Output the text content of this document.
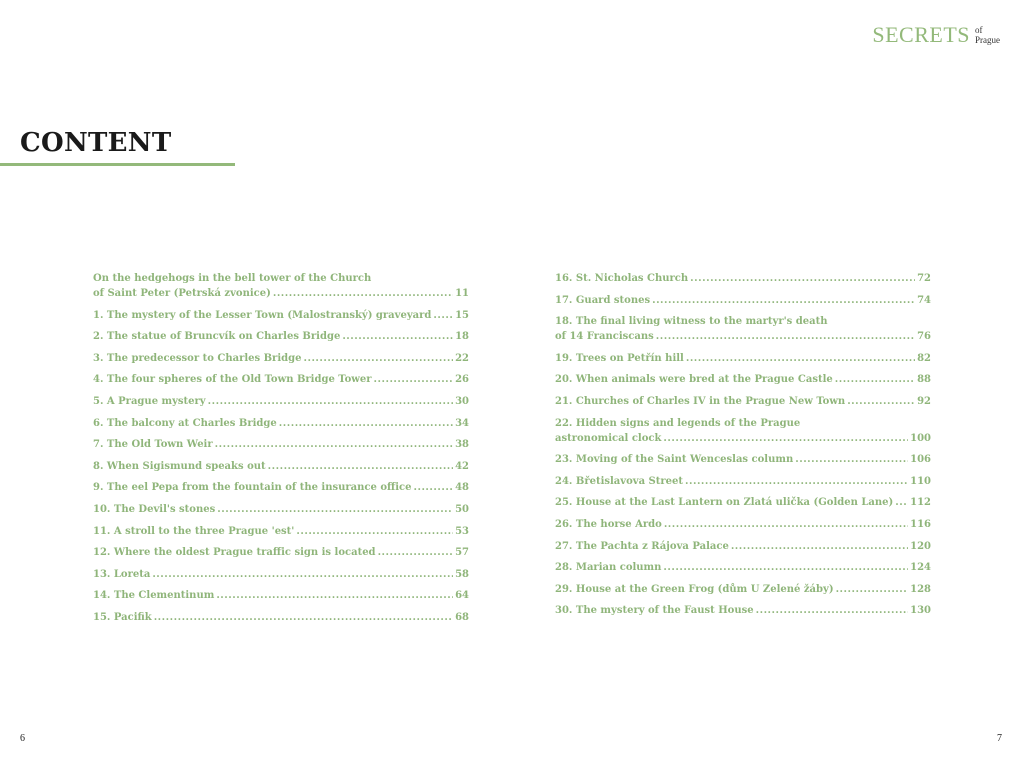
SECRETS of
Prague
CONTENT
On the hedgehogs in the bell tower of the Church
of Saint Peter (Petrská zvonice) .....	11
1. The mystery of the Lesser Town (Malostranský) graveyard ..... 15
2. The statue of Bruncvík on Charles Bridge .....	18
3. The predecessor to Charles Bridge .....	22
4. The four spheres of the Old Town Bridge Tower .....	26
5. A Prague mystery .....	30
6. The balcony at Charles Bridge .....	34
7. The Old Town Weir .....	38
8. When Sigismund speaks out .....	42
9. The eel Pepa from the fountain of the insurance office .....	48
10. The Devil's stones .....	50
11. A stroll to the three Prague 'est' .....	53
12. Where the oldest Prague traffic sign is located .....	57
13. Loreta .....	58
14. The Clementinum .....	64
15. Pacifik .....	68
16. St. Nicholas Church .....	72
17. Guard stones .....	74
18. The final living witness to the martyr's death
of 14 Franciscans .....	76
19. Trees on Petřín hill .....	82
20. When animals were bred at the Prague Castle .....	88
21. Churches of Charles IV in the Prague New Town .....	92
22. Hidden signs and legends of the Prague
astronomical clock .....	100
23. Moving of the Saint Wenceslas column .....	106
24. Břetislavova Street .....	110
25. House at the Last Lantern on Zlatá ulička (Golden Lane) ..... 112
26. The horse Ardo .....	116
27. The Pachta z Rájova Palace .....	120
28. Marian column .....	124
29. House at the Green Frog (dům U Zelené žáby) .....	128
30. The mystery of the Faust House .....	130
6	7
